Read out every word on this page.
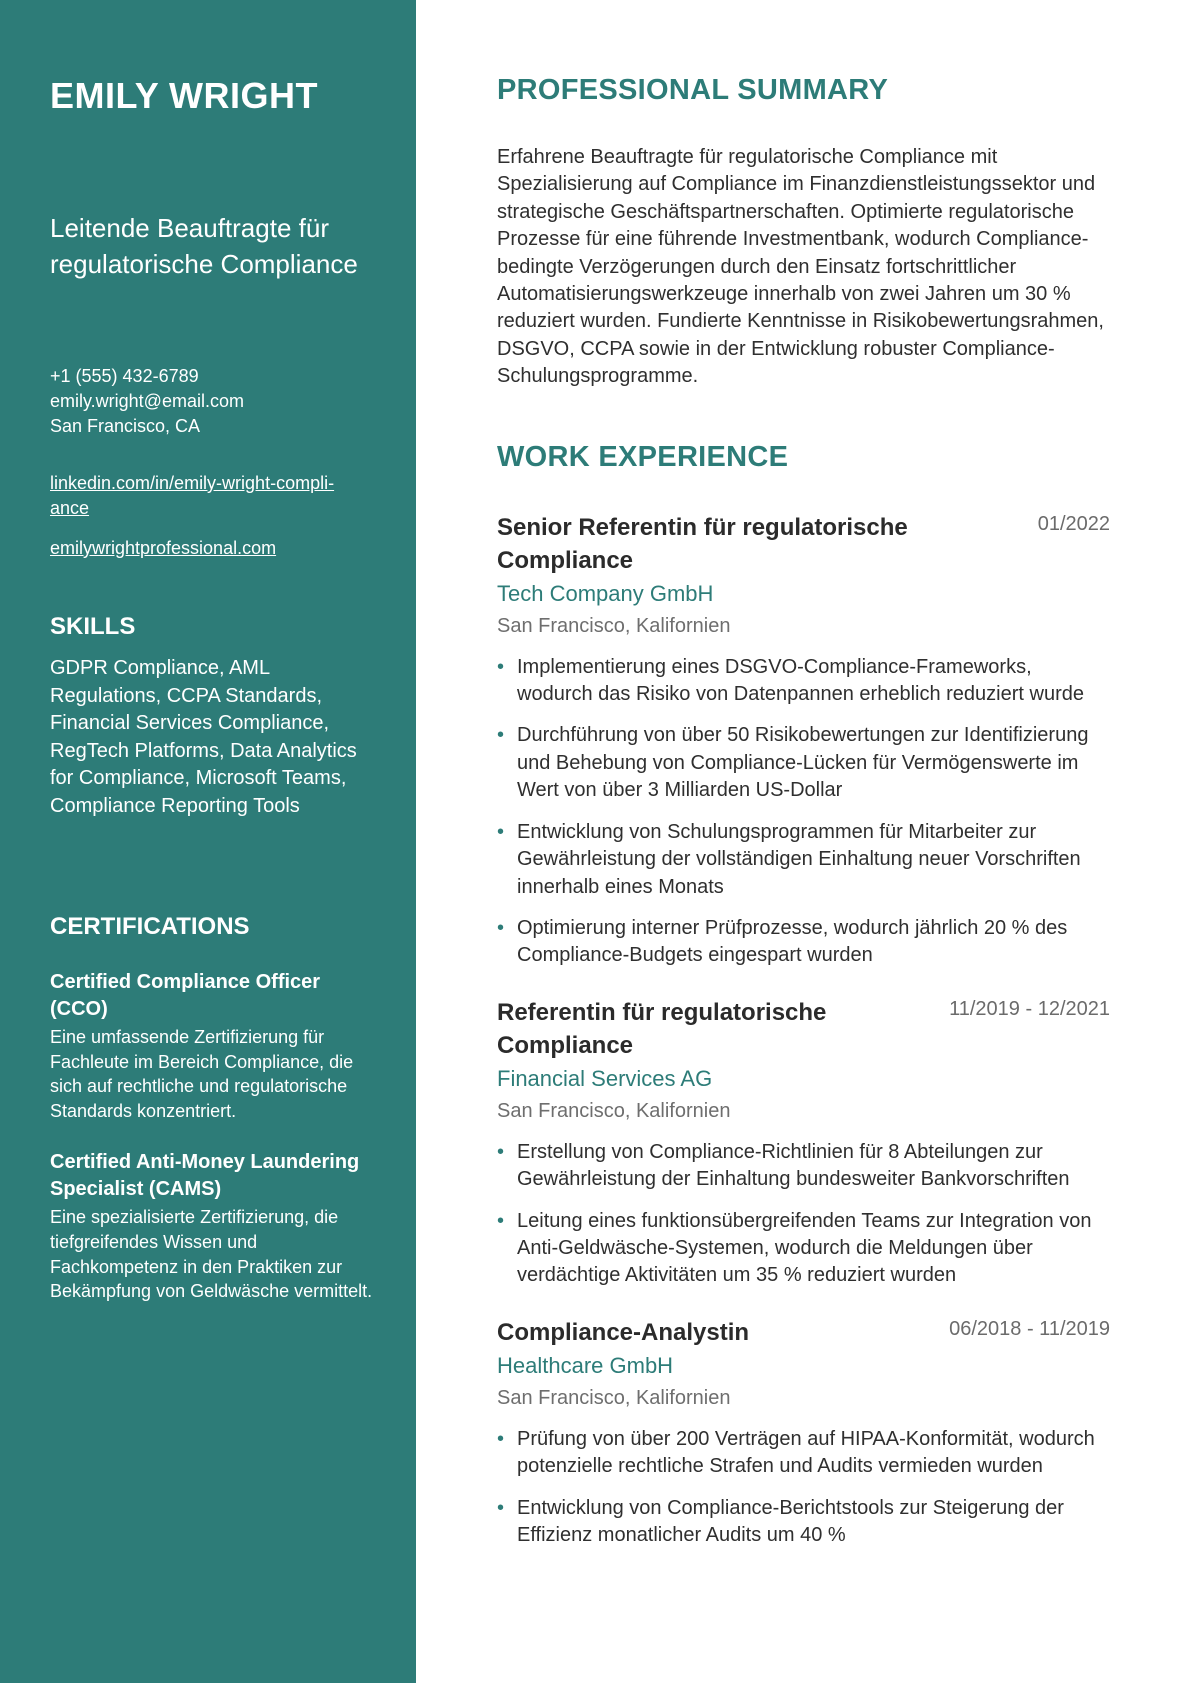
EMILY WRIGHT
Leitende Beauftragte für regulatorische Compliance
+1 (555) 432-6789
emily.wright@email.com
San Francisco, CA
linkedin.com/in/emily-wright-compli-
ance
emilywrightprofessional.com
SKILLS
GDPR Compliance, AML Regulations, CCPA Standards, Financial Services Compliance, RegTech Platforms, Data Analytics for Compliance, Microsoft Teams, Compliance Reporting Tools
CERTIFICATIONS
Certified Compliance Officer (CCO)
Eine umfassende Zertifizierung für Fachleute im Bereich Compliance, die sich auf rechtliche und regulatorische Standards konzentriert.
Certified Anti-Money Laundering Specialist (CAMS)
Eine spezialisierte Zertifizierung, die tiefgreifendes Wissen und Fachkompetenz in den Praktiken zur Bekämpfung von Geldwäsche vermittelt.
PROFESSIONAL SUMMARY

Erfahrene Beauftragte für regulatorische Compliance mit Spezialisierung auf Compliance im Finanzdienstleistungssektor und strategische Geschäftspartnerschaften. Optimierte regulatorische Prozesse für eine führende Investmentbank, wodurch Compliance-bedingte Verzögerungen durch den Einsatz fortschrittlicher Automatisierungswerkzeuge innerhalb von zwei Jahren um 30 % reduziert wurden. Fundierte Kenntnisse in Risikobewertungsrahmen, DSGVO, CCPA sowie in der Entwicklung robuster Compliance-Schulungsprogramme.

WORK EXPERIENCE
Senior Referentin für regulatorische Compliance
01/2022
Tech Company GmbH
San Francisco, Kalifornien
• Implementierung eines DSGVO-Compliance-Frameworks, wodurch das Risiko von Datenpannen erheblich reduziert wurde
• Durchführung von über 50 Risikobewertungen zur Identifizierung und Behebung von Compliance-Lücken für Vermögenswerte im Wert von über 3 Milliarden US-Dollar
• Entwicklung von Schulungsprogrammen für Mitarbeiter zur Gewährleistung der vollständigen Einhaltung neuer Vorschriften innerhalb eines Monats
• Optimierung interner Prüfprozesse, wodurch jährlich 20 % des Compliance-Budgets eingespart wurden
Referentin für regulatorische Compliance
11/2019 - 12/2021
Financial Services AG
San Francisco, Kalifornien
• Erstellung von Compliance-Richtlinien für 8 Abteilungen zur Gewährleistung der Einhaltung bundesweiter Bankvorschriften
• Leitung eines funktionsübergreifenden Teams zur Integration von Anti-Geldwäsche-Systemen, wodurch die Meldungen über verdächtige Aktivitäten um 35 % reduziert wurden
Compliance-Analystin	06/2018 - 11/2019
Healthcare GmbH
San Francisco, Kalifornien
• Prüfung von über 200 Verträgen auf HIPAA-Konformität, wodurch potenzielle rechtliche Strafen und Audits vermieden wurden
• Entwicklung von Compliance-Berichtstools zur Steigerung der Effizienz monatlicher Audits um 40 %
